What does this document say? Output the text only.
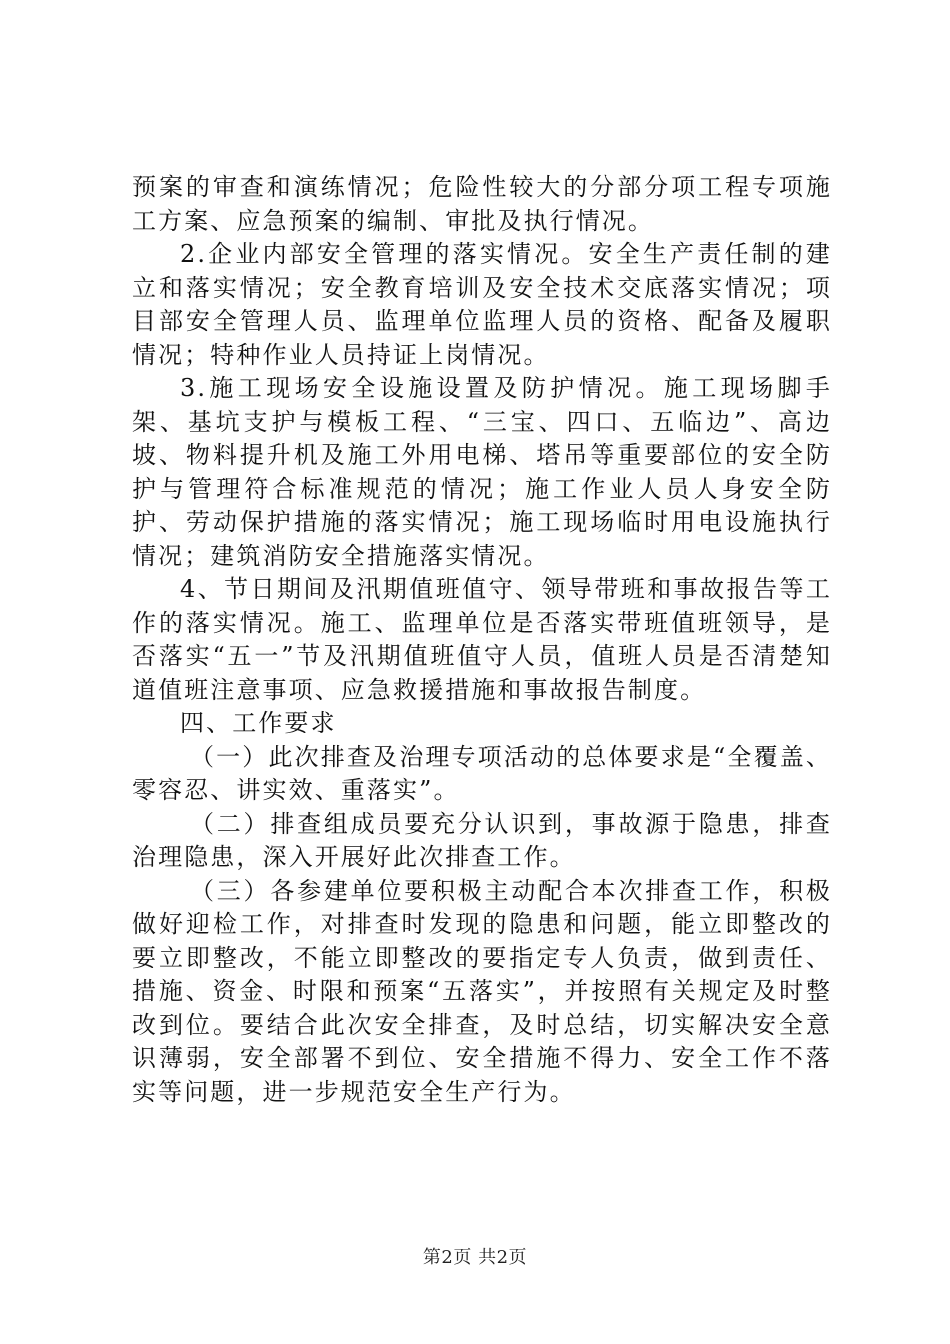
预案的审查和演练情况；危险性较大的分部分项工程专项施工方案、应急预案的编制、审批及执行情况。

2.企业内部安全管理的落实情况。安全生产责任制的建立和落实情况；安全教育培训及安全技术交底落实情况；项目部安全管理人员、监理单位监理人员的资格、配备及履职情况；特种作业人员持证上岗情况。

3.施工现场安全设施设置及防护情况。施工现场脚手架、基坑支护与模板工程、“三宝、四口、五临边”、高边坡、物料提升机及施工外用电梯、塔吊等重要部位的安全防护与管理符合标准规范的情况；施工作业人员人身安全防护、劳动保护措施的落实情况；施工现场临时用电设施执行情况；建筑消防安全措施落实情况。

4、节日期间及汛期值班值守、领导带班和事故报告等工作的落实情况。施工、监理单位是否落实带班值班领导，是否落实“五一”节及汛期值班值守人员，值班人员是否清楚知道值班注意事项、应急救援措施和事故报告制度。

四、工作要求

（一）此次排查及治理专项活动的总体要求是“全覆盖、零容忍、讲实效、重落实”。

（二）排查组成员要充分认识到，事故源于隐患，排查治理隐患，深入开展好此次排查工作。

（三）各参建单位要积极主动配合本次排查工作，积极做好迎检工作，对排查时发现的隐患和问题，能立即整改的要立即整改，不能立即整改的要指定专人负责，做到责任、措施、资金、时限和预案“五落实”，并按照有关规定及时整改到位。要结合此次安全排查，及时总结，切实解决安全意识薄弱，安全部署不到位、安全措施不得力、安全工作不落实等问题，进一步规范安全生产行为。

第2页 共2页
